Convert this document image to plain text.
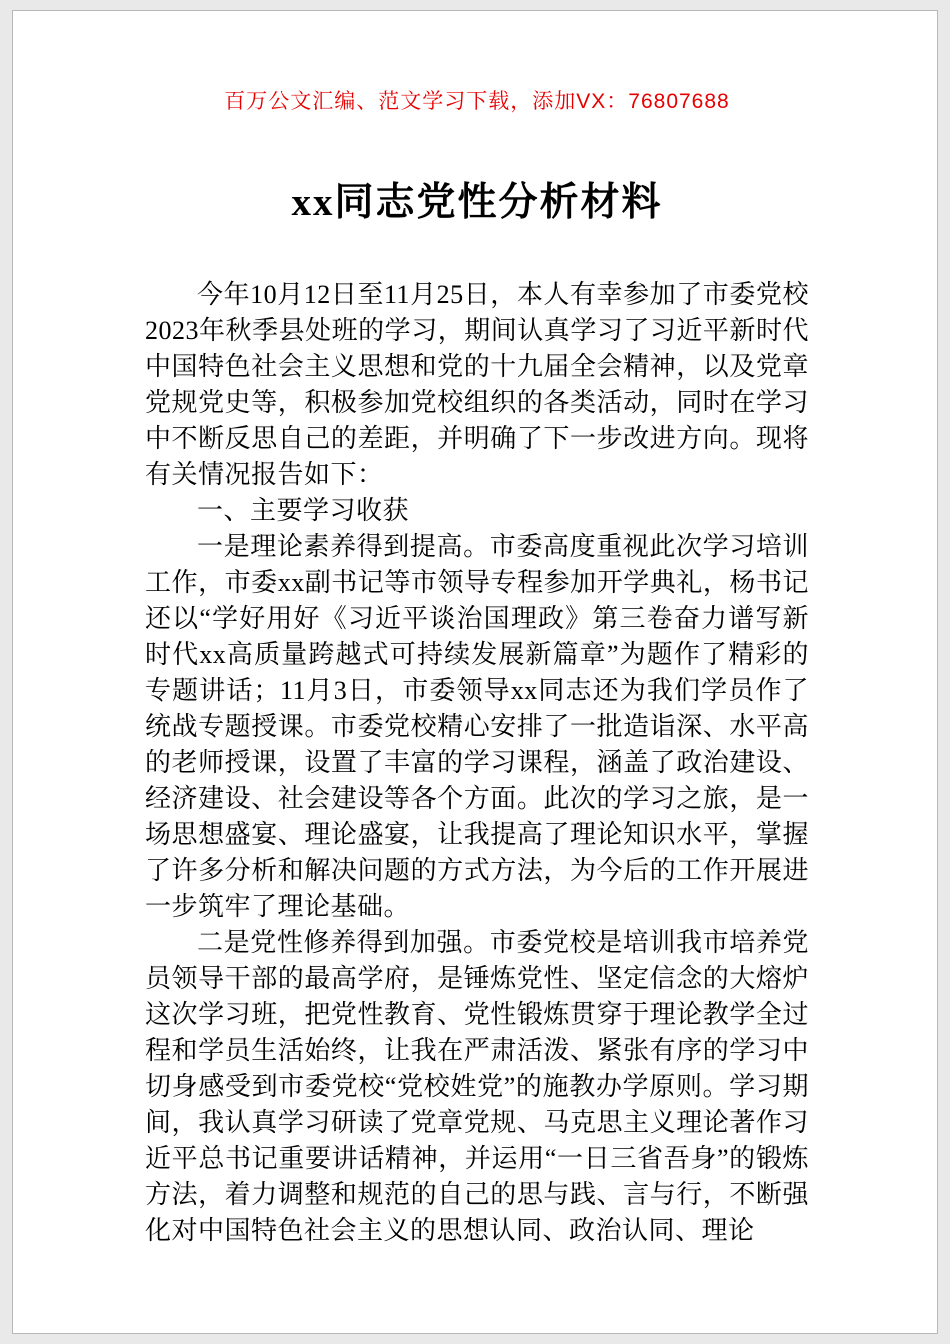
百万公文汇编、范文学习下载，添加VX：76807688
xx同志党性分析材料

今年10月12日至11月25日，本人有幸参加了市委党校2023年秋季县处班的学习，期间认真学习了习近平新时代中国特色社会主义思想和党的十九届全会精神，以及党章党规党史等，积极参加党校组织的各类活动，同时在学习中不断反思自己的差距，并明确了下一步改进方向。现将有关情况报告如下：

一、主要学习收获

一是理论素养得到提高。市委高度重视此次学习培训工作，市委xx副书记等市领导专程参加开学典礼，杨书记还以“学好用好《习近平谈治国理政》第三卷奋力谱写新时代xx高质量跨越式可持续发展新篇章”为题作了精彩的专题讲话；11月3日，市委领导xx同志还为我们学员作了统战专题授课。市委党校精心安排了一批造诣深、水平高的老师授课，设置了丰富的学习课程，涵盖了政治建设、经济建设、社会建设等各个方面。此次的学习之旅，是一场思想盛宴、理论盛宴，让我提高了理论知识水平，掌握了许多分析和解决问题的方式方法，为今后的工作开展进一步筑牢了理论基础。

二是党性修养得到加强。市委党校是培训我市培养党员领导干部的最高学府，是锤炼党性、坚定信念的大熔炉这次学习班，把党性教育、党性锻炼贯穿于理论教学全过程和学员生活始终，让我在严肃活泼、紧张有序的学习中切身感受到市委党校“党校姓党”的施教办学原则。学习期间，我认真学习研读了党章党规、马克思主义理论著作习近平总书记重要讲话精神，并运用“一日三省吾身”的锻炼方法，着力调整和规范的自己的思与践、言与行，不断强化对中国特色社会主义的思想认同、政治认同、理论
